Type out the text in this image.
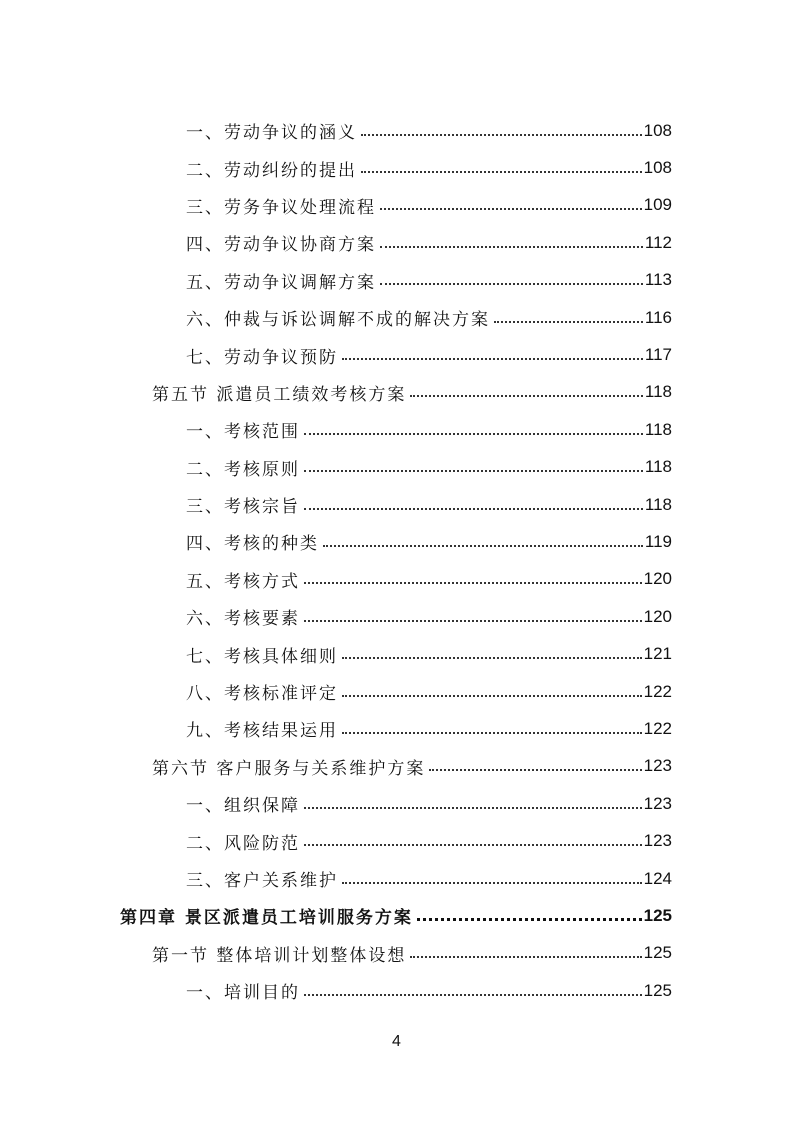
一、劳动争议的涵义	108
二、劳动纠纷的提出	108
三、劳务争议处理流程	109
四、劳动争议协商方案	112
五、劳动争议调解方案	113
六、仲裁与诉讼调解不成的解决方案	116
七、劳动争议预防	117
第五节 派遣员工绩效考核方案	118
一、考核范围	118
二、考核原则	118
三、考核宗旨	118
四、考核的种类	119
五、考核方式	120
六、考核要素	120
七、考核具体细则	121
八、考核标准评定	122
九、考核结果运用	122
第六节 客户服务与关系维护方案	123
一、组织保障	123
二、风险防范	123
三、客户关系维护	124
第四章 景区派遣员工培训服务方案	125
第一节 整体培训计划整体设想	125
一、培训目的	125
4
